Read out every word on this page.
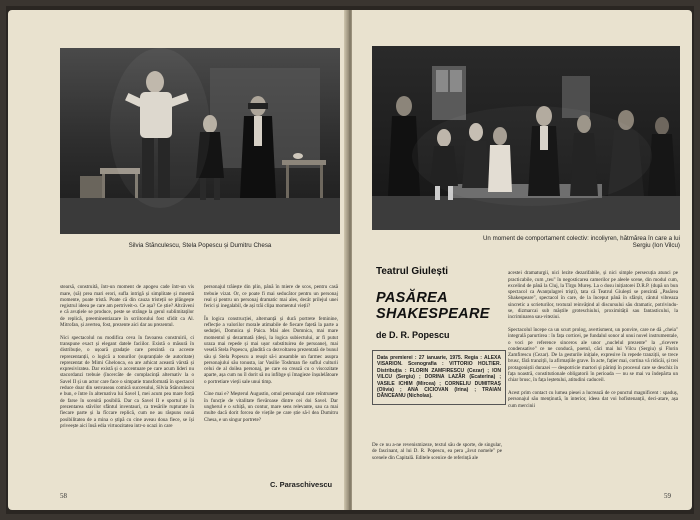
Silvia Stănculescu, Stela Popescu și Dumitru Chesa

stearsă, construită, într-un moment de apogeu cade într-un vis mare, (să) prea mari erori, sufla intrigă și simplitate și mnemă momente, poate tristă. Poate că din cauza tristeții se plângește registrul ideea pe care am pertriveit-o. Ce așa? Ce știe? Altcăveni e că avuțiele se produce, peste se strânge la gerul sublimitaților de replică, preeminentiazare în scriitorului fost sfidit ca Al. Mitrofan, și avertea, fost, prezente aici dar au prezentul.

Nici spectacolul nu modifica ceva în favoarea construirii, ci transpune exact și elegant datele faciilor. Există o măsură în distribuție, o ușoară gradație care prezintă ca acceste reprezentanții, o logică a tonurilor (supranțiale de autoritate) reprezentat de Mimi Ghelonca, ea are arhicat această vârstă și expresiviratea. Dar există și o accentuare pe care acum lideri nu stacordanzi trebuie (încercăte de complacință alternativ la o Savel II și un actor care face o simpatie transformată în spectacol reduce doar din senvaseau comică succesului, Silvia Stănculescu e bun, e între în alternativa lui Savel I, mei acum pea mare forță de farse în scenită posibilă. Dar ca Savel II e sportul și în prezentarea stăvilor sfântul inventauri, ca tresările rupturate în fiecare parte și la fîccare replică, cum ne au răspuns nouă posibilitatea de a mina o știpă cu cine aveau doua fiece, se își priveește aici însă edia virtuozitatea intr-o ocazi in care

personajul trăiește din plin, până în miere de scos, pentru casă trebuie vizat. Or, ce poate fi mai seducător pentru un personaj real și pentru un personaj dramatic mai ales, decât prilejul unei ferici și inegalabil, de ași trăi clipa momentul vieții?

În logica construcției, alternanță și dură portrete feminine, reflecție a valorilor morale atimabile de fiecare fațetă la parte a seduției, Domnica și Paica. Mai ales Domnica, mai mare momentul și dezarmată (deși, la logica subiectului, ar fi putut uraza mai repede și mai ușor substituirea de persoane), mai veselă Stela Popescu, gândită ca dezvoltarea prezentată de bunul său și Stela Popescu a reușit să-i ansamble un farmec asupra personajului său tonusta, iar Vasilie Toshman fie suflul culturii celui de al doilea personaj, pe care ea crează cu o viscozitate aparte, așa cum nu îl dorit să nu infibge și îmagieze înșulelătoare o portretiare vieții sale unui timp.

Cine mai e? Meșterul Augustin, omul personajul care reîntrunete în funcție de vitalitate fievăroase dintre cei doi Savel. Dar ungherul e o schiță, un contur, mare sens relevante, sau ca mai multe dacă dorit forcea de viețile pe care știe să-l dea Dumitru Chesa, e un singur portrete?

C. Paraschivescu
58
Un moment de comportament colectiv: incoliyren, hătmărea în care a lui Sergiu (Ion Vilcu)
Teatrul Giulești
PASĂREA
SHAKESPEARE
de D. R. Popescu

Data premierei : 27 ianuarie, 1975. Regia : ALEXA VISARION. Scenografia : VITTORIO HOLTIER. Distribuția : FLORIN ZAMFIRESCU (Cezar) ; ION VILCU (Sergiu) ; DORINA LAZĂR (Ecaterina) ; VASILE ICHIM (Mircea) ; CORNELIU DUMITRAȘ (Olivia) ; ANA CICIOVAN (Irina) ; TRAIAN DĂNCEANU (Nicholas).

De ce nu a-ne revenismizeze, textul său de sporte, de singular, de fascinant, al lui D. R. Popescu, ea pera „ăvut nomele" pe scenele din Capitală. Editele scenice de referință ale

acestei dramaturgii, nici lezite dezarifabile, și nici simple persecuția atunci pe practicabile, cum „teu" în negosticarea camerilor pe aleele scene, din modul cum, excelind de până la Cluj, la Tîrgu Mureș. La o dosu inițiatorei D.R.P. (după un bun spectacol ca Avanțulagrei triști), tata că Teatrul Giulești se prezintă „Pasărea Shakespeare", spectacol în care, de la început până în sfârșit, cântul vibreaza sincretic a scrieturilor, textural reinvățind al discursului său dramatic, potrivindu-se, dizmarcai sub măștile groteschiului, proximității sau fantasticului, la incriminarea sau-viteziui.

Spectacolul începe ca un scurt prolog, avertisment, un ponvire, care ne dă „cheia" integrală parurtirea : în fața corticei, pe fundalul sonor al unui nuvel instrumentale, o voci pe reference sinceros ale unor „nuclelul prezente" la „ricevere condensative" ce ne conducă, poetul, căci mai lui Vilcu (Sergiu) și Florin Zamfirescu (Cezar). De la gesturile inițiale, expresive în repede tranziții, se trece brusc, fără tranziții, la afirmațiile grave. În acte, fațier mai, cortina vă ridicăi, și trei protagoniștii durazei — despotricie martori și părinți în procesul care se deschiz în fața noastră, constitutionale obligatorii în perioada — nu se mai va îndepărta un chiar brusc, în fața leștetului, atitudini caduceil.

Acest prim contact cu lumea piesei a lucrează de ce punctul magnificent : spaduș, personajul său menținută, în interior, ideea dat voi hofistenanții, deci-atare, așa cum mercinii

59
